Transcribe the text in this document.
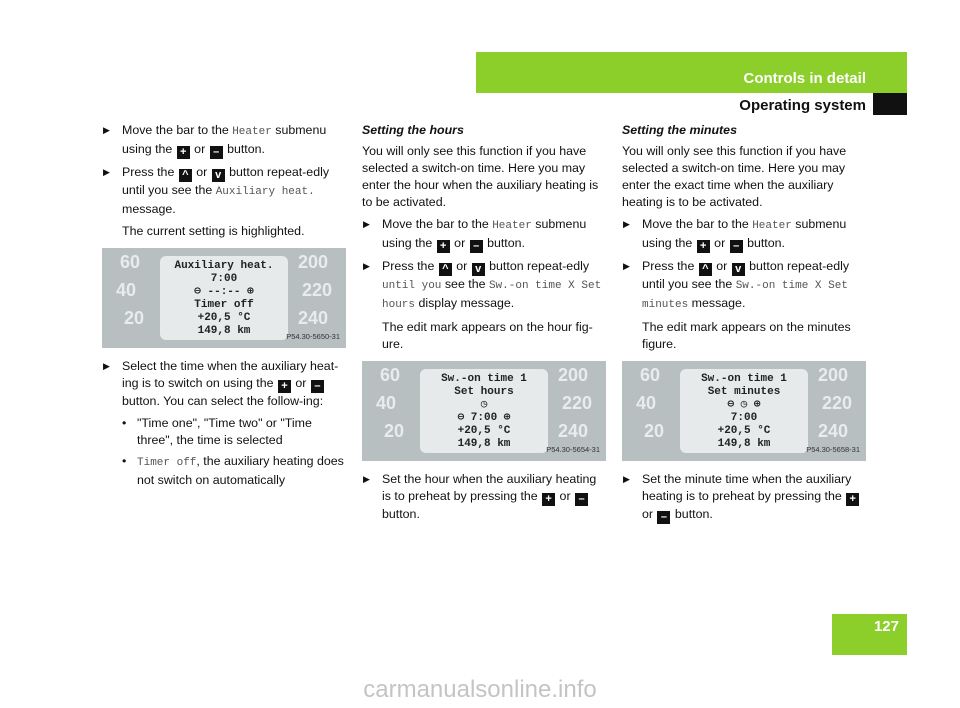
Controls in detail
Operating system
▶ Move the bar to the Heater submenu using the + or – button.
▶ Press the ^ or v button repeat-edly until you see the Auxiliary heat. message.
The current setting is highlighted.
60
40
20
200
220
240
Auxiliary heat.
7:00
⊖ --:-- ⊕
Timer off
+20,5 °C
149,8 km	P54.30-5650-31
▶ Select the time when the auxiliary heat-ing is to switch on using the + or – button. You can select the follow-ing:
• "Time one", "Time two" or "Time three", the time is selected
• Timer off, the auxiliary heating does not switch on automatically
Setting the hours
You will only see this function if you have selected a switch-on time. Here you may enter the hour when the auxiliary heating is to be activated.
▶ Move the bar to the Heater submenu using the + or – button.
▶ Press the ^ or v button repeat-edly until you see the Sw.-on time X Set hours display message.
The edit mark appears on the hour fig-ure.
60
40
20
200
220
240
Sw.-on time 1
Set hours
◷
⊖ 7:00 ⊕
+20,5 °C
149,8 km	P54.30-5654-31
▶ Set the hour when the auxiliary heating is to preheat by pressing the + or – button.
Setting the minutes
You will only see this function if you have selected a switch-on time. Here you may enter the exact time when the auxiliary heating is to be activated.
▶ Move the bar to the Heater submenu using the + or – button.
▶ Press the ^ or v button repeat-edly until you see the Sw.-on time X Set minutes message.
The edit mark appears on the minutes figure.
60
40
20
200
220
240
Sw.-on time 1
Set minutes
⊖ ◷ ⊕
7:00
+20,5 °C
149,8 km	P54.30-5658-31
▶ Set the minute time when the auxiliary heating is to preheat by pressing the + or – button.
127
carmanualsonline.info
